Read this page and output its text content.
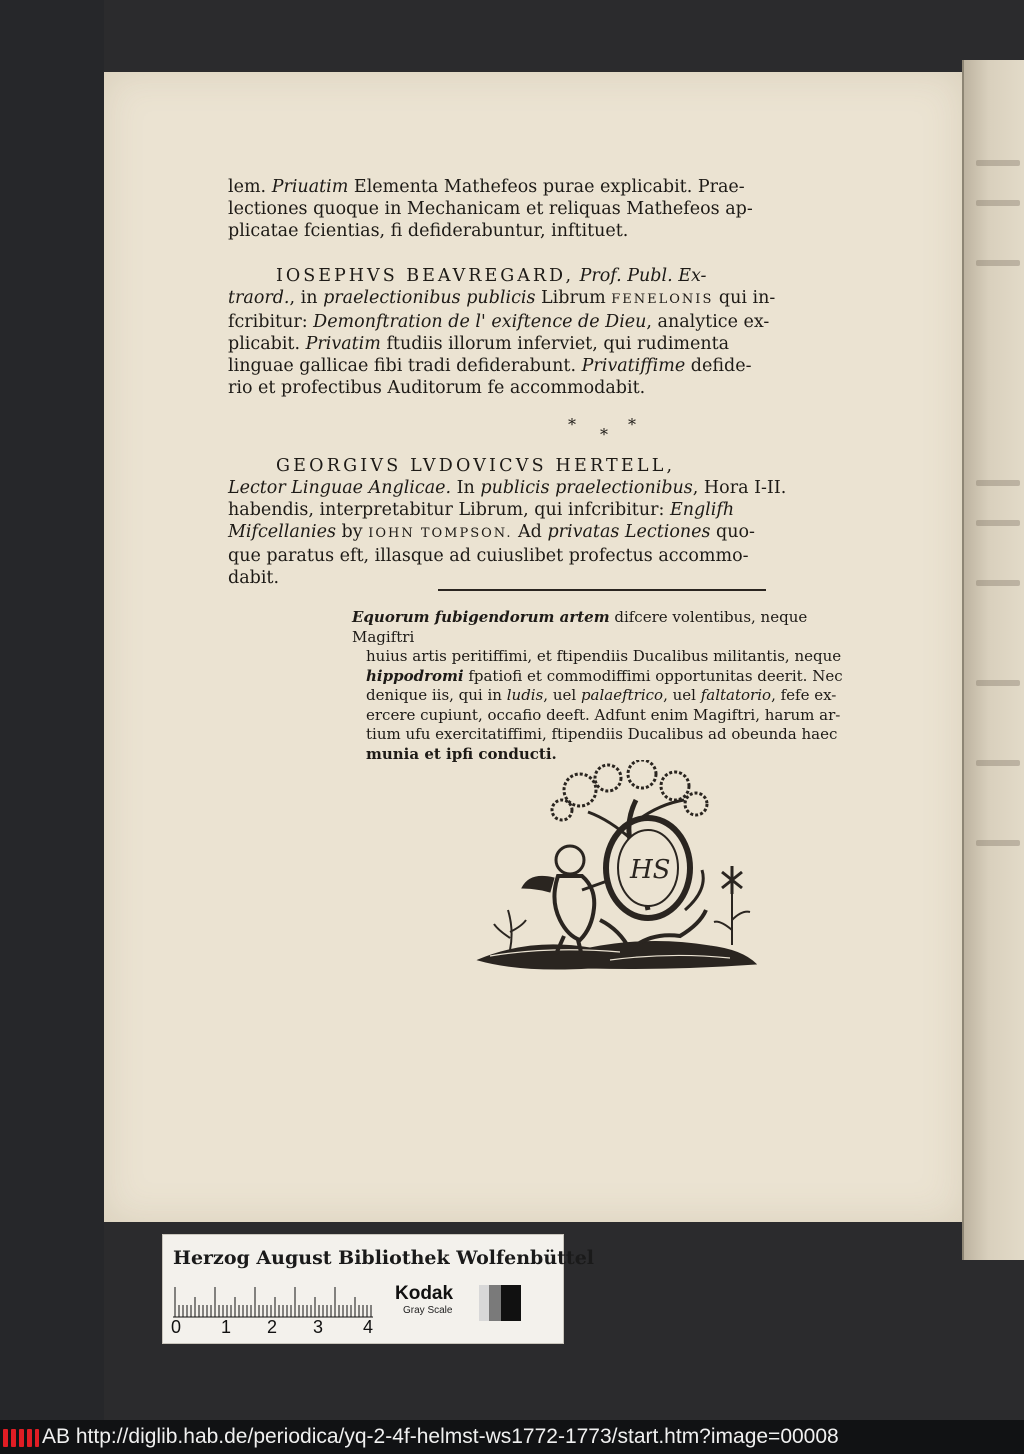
lem. Priuatim Elementa Mathefeos purae explicabit. Prae-
lectiones quoque in Mechanicam et reliquas Mathefeos ap-
plicatae fcientias, fi defiderabuntur, inftituet.
IOSEPHVS BEAVREGARD, Prof. Publ. Ex-
traord., in praelectionibus publicis Librum FENELONIS qui in-
fcribitur: Demonftration de l' exiftence de Dieu, analytice ex-
plicabit. Privatim ftudiis illorum inferviet, qui rudimenta
linguae gallicae fibi tradi defiderabunt. Privatiffime defide-
rio et profectibus Auditorum fe accommodabit.
*
*
*
GEORGIVS LVDOVICVS HERTELL,
Lector Linguae Anglicae. In publicis praelectionibus, Hora I-II.
habendis, interpretabitur Librum, qui infcribitur: Englifh
Mifcellanies by IOHN TOMPSON. Ad privatas Lectiones quo-
que paratus eft, illasque ad cuiuslibet profectus accommo-
dabit.
Equorum fubigendorum artem difcere volentibus, neque Magiftri
huius artis peritiffimi, et ftipendiis Ducalibus militantis, neque
hippodromi fpatiofi et commodiffimi opportunitas deerit. Nec
denique iis, qui in ludis, uel palaeftrico, uel faltatorio, fefe ex-
ercere cupiunt, occafio deeft. Adfunt enim Magiftri, harum ar-
tium ufu exercitatiffimi, ftipendiis Ducalibus ad obeunda haec
munia et ipfi conducti.
HS
Herzog August Bibliothek Wolfenbüttel
0 1 2 3 4
Kodak
Gray Scale
AB http://diglib.hab.de/periodica/yq-2-4f-helmst-ws1772-1773/start.htm?image=00008
